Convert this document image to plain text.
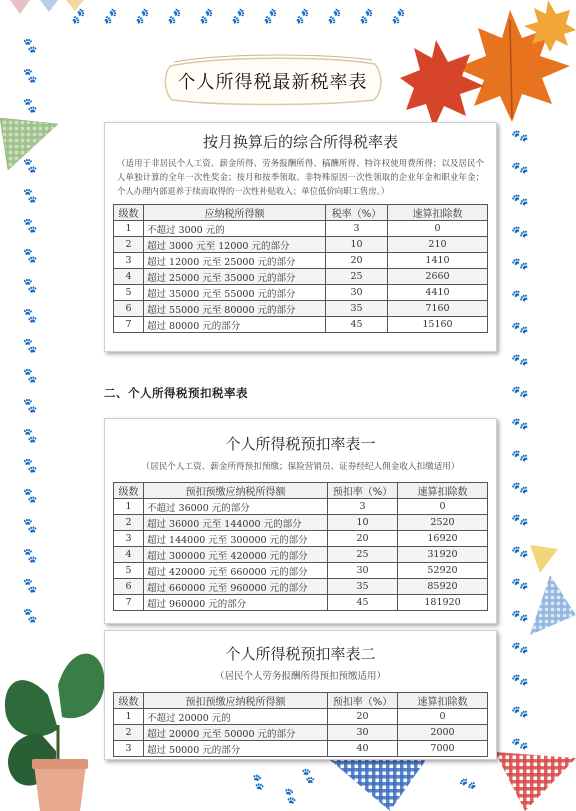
🐾
🐾
🐾
🐾
🐾
🐾
🐾
🐾
🐾
🐾
🐾
🐾
🐾
🐾
🐾
🐾
🐾
🐾
🐾
🐾
🐾
🐾
🐾
🐾
🐾
🐾
🐾
🐾
🐾
🐾
🐾
🐾
🐾
🐾
🐾
🐾
🐾
🐾
🐾
🐾 🐾 🐾 🐾 🐾 🐾 🐾 🐾 🐾 🐾 🐾
🐾
🐾
🐾
🐾
个人所得税最新税率表
按月换算后的综合所得税率表
（适用于非居民个人工资、薪金所得、劳务报酬所得、稿酬所得、特许权使用费所得；以及居民个人单独计算的全年一次性奖金；按月和按季领取、非特殊原因一次性领取的企业年金和职业年金；个人办理内部退养于续而取得的一次性补贴收入；单位低价向职工售房。）
级数	应纳税所得额	税率（%）	速算扣除数
1	不超过 3000 元的	3	0
2	超过 3000 元至 12000 元的部分	10	210
3	超过 12000 元至 25000 元的部分	20	1410
4	超过 25000 元至 35000 元的部分	25	2660
5	超过 35000 元至 55000 元的部分	30	4410
6	超过 55000 元至 80000 元的部分	35	7160
7	超过 80000 元的部分	45	15160
二、个人所得税预扣税率表
个人所得税预扣率表一
（居民个人工资、薪金所得预扣预缴；保险营销员、证券经纪人佣金收入扣缴适用）
级数	预扣预缴应纳税所得额	预扣率（%）	速算扣除数
1	不超过 36000 元的部分	3	0
2	超过 36000 元至 144000 元的部分	10	2520
3	超过 144000 元至 300000 元的部分	20	16920
4	超过 300000 元至 420000 元的部分	25	31920
5	超过 420000 元至 660000 元的部分	30	52920
6	超过 660000 元至 960000 元的部分	35	85920
7	超过 960000 元的部分	45	181920
个人所得税预扣率表二
（居民个人劳务报酬所得预扣预缴适用）
级数	预扣预缴应纳税所得额	预扣率（%）	速算扣除数
1	不超过 20000 元的	20	0
2	超过 20000 元至 50000 元的部分	30	2000
3	超过 50000 元的部分	40	7000
